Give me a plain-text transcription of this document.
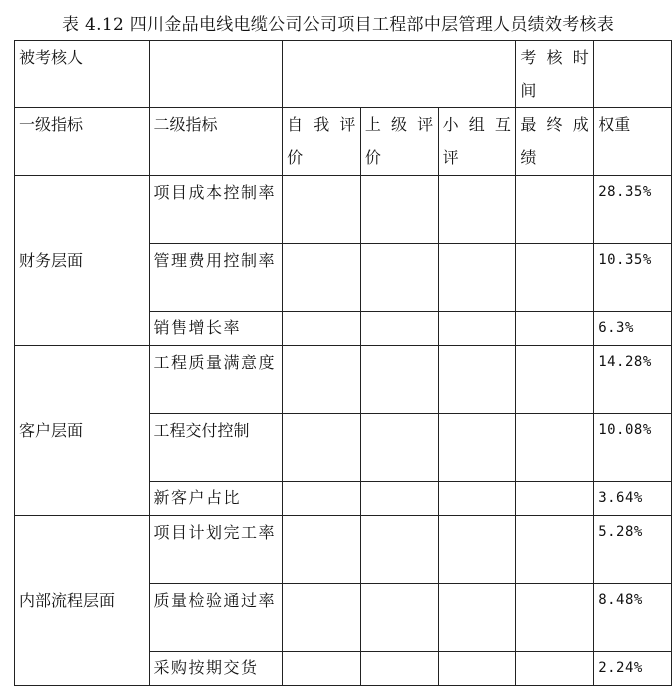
表 4.12 四川金品电线电缆公司公司项目工程部中层管理人员绩效考核表
被考核人					考 核 时 间	
一级指标	二级指标	自 我 评 价	上 级 评 价	小 组 互 评	最 终 成 绩	权重
财务层面	项目成本控制率					28.35%
	管理费用控制率					10.35%
	销售增长率					6.3%
客户层面	工程质量满意度					14.28%
	工程交付控制					10.08%
	新客户占比					3.64%
内部流程层面	项目计划完工率					5.28%
	质量检验通过率					8.48%
	采购按期交货					2.24%
